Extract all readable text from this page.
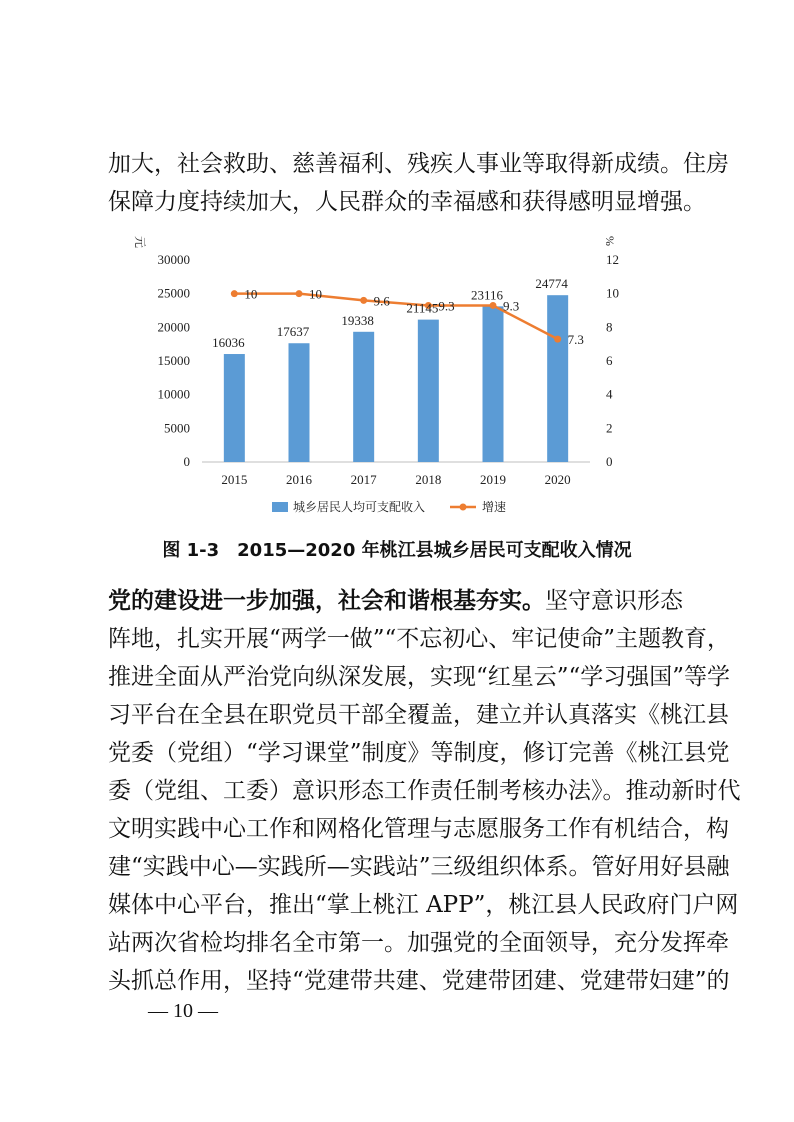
加大，社会救助、慈善福利、残疾人事业等取得新成绩。住房
保障力度持续加大，人民群众的幸福感和获得感明显增强。
元	%
0
5000
10000
15000
20000
25000
30000
0
2
4
6
8
10
12
2015	2016	2017	2018	2019	2020
16036
17637
19338
21145
23116
24774
10	10	9.6	9.3	9.3
7.3
城乡居民人均可支配收入	增速
图 1-3 2015—2020 年桃江县城乡居民可支配收入情况
党的建设进一步加强，社会和谐根基夯实。坚守意识形态
阵地，扎实开展“两学一做”“不忘初心、牢记使命”主题教育，
推进全面从严治党向纵深发展，实现“红星云”“学习强国”等学
习平台在全县在职党员干部全覆盖，建立并认真落实《桃江县
党委（党组）“学习课堂”制度》等制度，修订完善《桃江县党
委（党组、工委）意识形态工作责任制考核办法》。推动新时代
文明实践中心工作和网格化管理与志愿服务工作有机结合，构
建“实践中心—实践所—实践站”三级组织体系。管好用好县融
媒体中心平台，推出“掌上桃江 APP”，桃江县人民政府门户网
站两次省检均排名全市第一。加强党的全面领导，充分发挥牵
头抓总作用，坚持“党建带共建、党建带团建、党建带妇建”的
— 10 —
